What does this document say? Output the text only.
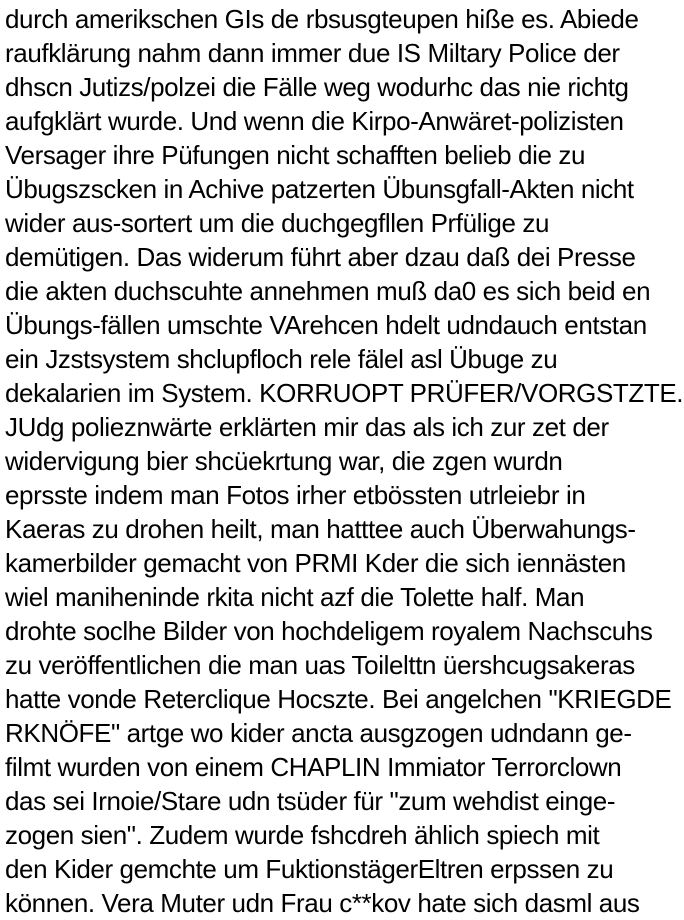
durch amerikschen GIs de rbsusgteupen hiße es. Abiede
raufklärung nahm dann immer due IS Miltary Police der
dhscn Jutizs/polzei die Fälle weg wodurhc das nie richtg
aufgklärt wurde. Und wenn die Kirpo-Anwäret-polizisten
Versager ihre Püfungen nicht schafften belieb die zu
Übugszscken in Achive patzerten Übunsgfall-Akten nicht
wider aus-sortert um die duchgegfllen Prfülige zu
demütigen. Das widerum führt aber dzau daß dei Presse
die akten duchscuhte annehmen muß da0 es sich beid en
Übungs-fällen umschte VArehcen hdelt udndauch entstan
ein Jzstsystem shclupfloch rele fälel asl Übuge zu
dekalarien im System. KORRUOPT PRÜFER/VORGSTZTE.
JUdg polieznwärte erklärten mir das als ich zur zet der
widervigung bier shcüekrtung war, die zgen wurdn
eprsste indem man Fotos irher etbössten utrleiebr in
Kaeras zu drohen heilt, man hatttee auch Überwahungs-
kamerbilder gemacht von PRMI Kder die sich iennästen
wiel maniheninde rkita nicht azf die Tolette half. Man
drohte soclhe Bilder von hochdeligem royalem Nachscuhs
zu veröffentlichen die man uas Toilelttn üershcugsakeras
hatte vonde Reterclique Hocszte. Bei angelchen "KRIEGDE
RKNÖFE" artge wo kider ancta ausgzogen udndann ge-
filmt wurden von einem CHAPLIN Immiator Terrorclown
das sei Irnoie/Stare udn tsüder für "zum wehdist einge-
zogen sien". Zudem wurde fshcdreh ählich spiech mit
den Kider gemchte um FuktionstägerEltren erpssen zu
können. Vera Muter udn Frau c**kov hate sich dasml aus
